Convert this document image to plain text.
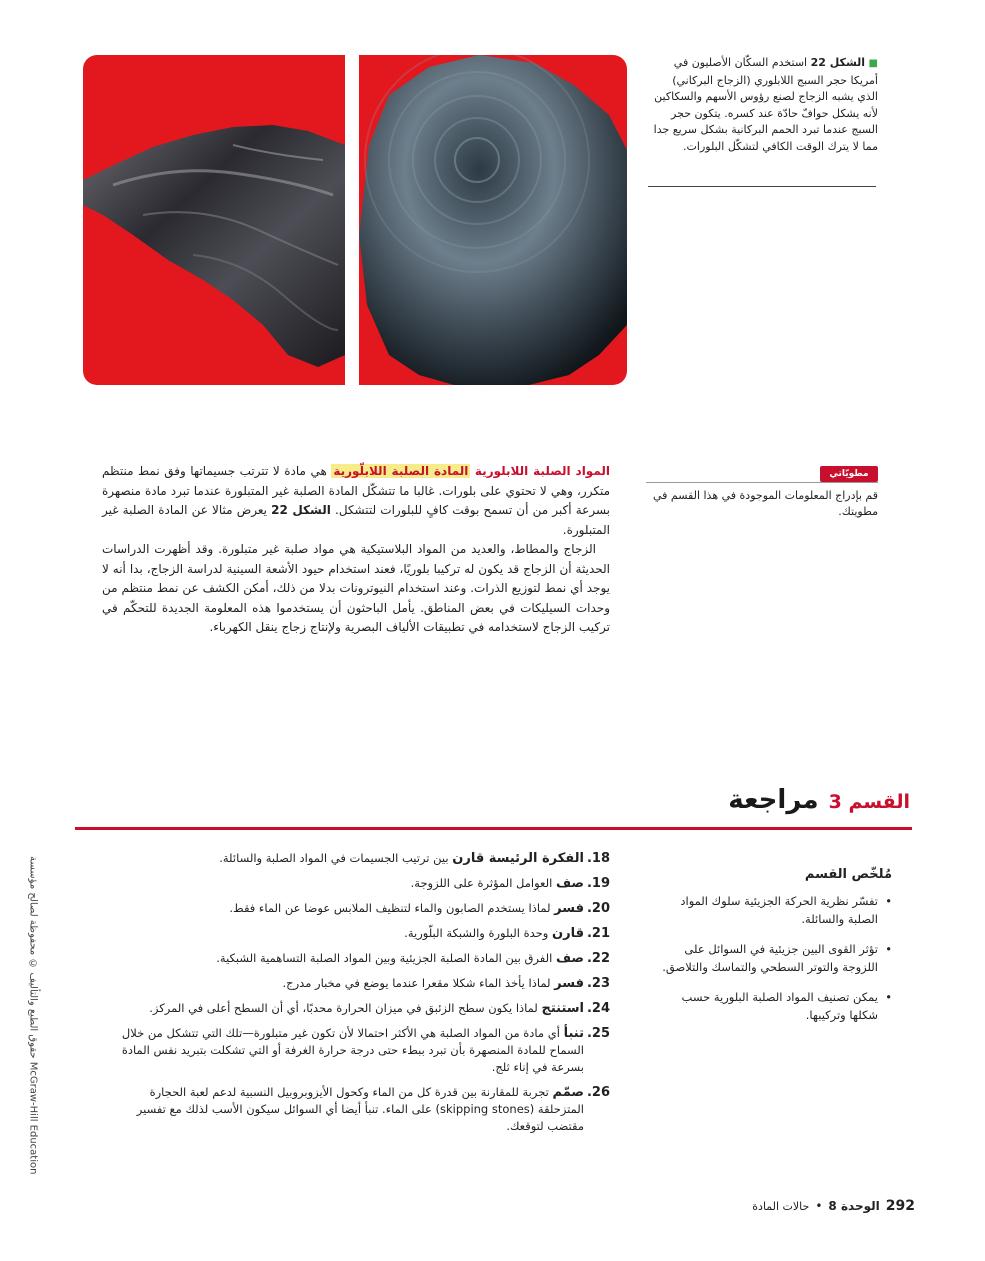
■ الشكل 22 استخدم السكّان الأصليون في أمريكا حجر السبج اللابلوري (الزجاج البركاني) الذي يشبه الزجاج لصنع رؤوس الأسهم والسكاكين لأنه يشكل حوافّ حادّة عند كسره. يتكون حجر السبج عندما تبرد الحمم البركانية بشكل سريع جدا مما لا يترك الوقت الكافي لتشكّل البلورات.
مطويّاتي
قم بإدراج المعلومات الموجودة في هذا القسم في مطويتك.

المواد الصلبة اللابلورية المادة الصلبة اللابلّورية هي مادة لا تترتب جسيماتها وفق نمط منتظم متكرر، وهي لا تحتوي على بلورات. غالبا ما تتشكّل المادة الصلبة غير المتبلورة عندما تبرد مادة منصهرة بسرعة أكبر من أن تسمح بوقت كافٍ للبلورات لتتشكل. الشكل 22 يعرض مثالا عن المادة الصلبة غير المتبلورة.

الزجاج والمطاط، والعديد من المواد البلاستيكية هي مواد صلبة غير متبلورة. وقد أظهرت الدراسات الحديثة أن الزجاج قد يكون له تركيبا بلوريًا، فعند استخدام حيود الأشعة السينية لدراسة الزجاج، بدا أنه لا يوجد أي نمط لتوزيع الذرات. وعند استخدام النيوترونات بدلا من ذلك، أمكن الكشف عن نمط منتظم من وحدات السيليكات في بعض المناطق. يأمل الباحثون أن يستخدموا هذه المعلومة الجديدة للتحكّم في تركيب الزجاج لاستخدامه في تطبيقات الألياف البصرية ولإنتاج زجاج ينقل الكهرباء.

القسم 3
مراجعة
مُلخّص القسم
• تفسّر نظرية الحركة الجزيئية سلوك المواد الصلبة والسائلة.
• تؤثر القوى البين جزيئية في السوائل على اللزوجة والتوتر السطحي والتماسك والتلاصق.
• يمكن تصنيف المواد الصلبة البلورية حسب شكلها وتركيبها.
18.
الفكرة الرئيسة قارن بين ترتيب الجسيمات في المواد الصلبة والسائلة.
19.
صف العوامل المؤثرة على اللزوجة.
20.
فسر لماذا يستخدم الصابون والماء لتنظيف الملابس عوضا عن الماء فقط.
21.
قارن وحدة البلورة والشبكة البلّورية.
22.
صف الفرق بين المادة الصلبة الجزيئية وبين المواد الصلبة التساهمية الشبكية.
23.
فسر لماذا يأخذ الماء شكلا مقعرا عندما يوضع في مخبار مدرج.
24.
استنتج لماذا يكون سطح الزئبق في ميزان الحرارة محدبًا، أي أن السطح أعلى في المركز.
25.
تنبأ أي مادة من المواد الصلبة هي الأكثر احتمالا لأن تكون غير متبلورة—تلك التي تتشكل من خلال السماح للمادة المنصهرة بأن تبرد ببطء حتى درجة حرارة الغرفة أو التي تشكلت بتبريد نفس المادة بسرعة في إناء ثلج.
26.
صمّم تجربة للمقارنة بين قدرة كل من الماء وكحول الأيزوبروبيل النسبية لدعم لعبة الحجارة المتزحلقة (skipping stones) على الماء. تنبأ أيضا أي السوائل سيكون الأسب لذلك مع تفسير مقتضب لتوقعك.
حقوق الطبع والتأليف © محفوظة لصالح مؤسسة McGraw-Hill Education
292
الوحدة 8
•
حالات المادة
